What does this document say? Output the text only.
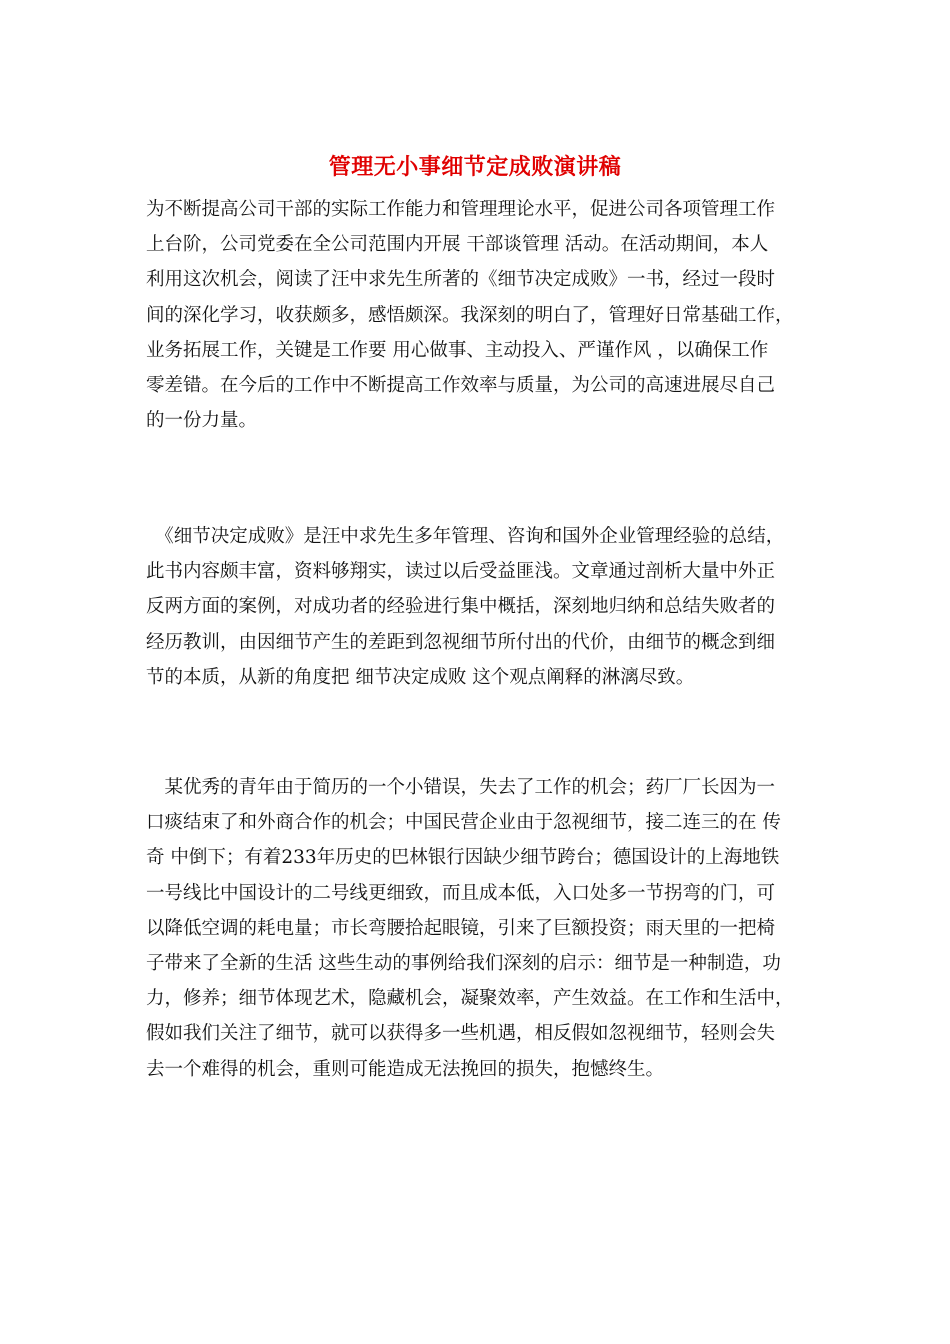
管理无小事细节定成败演讲稿

为不断提高公司干部的实际工作能力和管理理论水平，促进公司各项管理工作
上台阶，公司党委在全公司范围内开展 干部谈管理 活动。在活动期间，本人
利用这次机会，阅读了汪中求先生所著的《细节决定成败》一书，经过一段时
间的深化学习，收获颇多，感悟颇深。我深刻的明白了，管理好日常基础工作，
业务拓展工作，关键是工作要 用心做事、主动投入、严谨作风 ，以确保工作
零差错。在今后的工作中不断提高工作效率与质量，为公司的高速进展尽自己
的一份力量。

　《细节决定成败》是汪中求先生多年管理、咨询和国外企业管理经验的总结，
此书内容颇丰富，资料够翔实，读过以后受益匪浅。文章通过剖析大量中外正
反两方面的案例，对成功者的经验进行集中概括，深刻地归纳和总结失败者的
经历教训，由因细节产生的差距到忽视细节所付出的代价，由细节的概念到细
节的本质，从新的角度把 细节决定成败 这个观点阐释的淋漓尽致。

　某优秀的青年由于简历的一个小错误，失去了工作的机会；药厂厂长因为一
口痰结束了和外商合作的机会；中国民营企业由于忽视细节，接二连三的在 传
奇 中倒下；有着233年历史的巴林银行因缺少细节跨台；德国设计的上海地铁
一号线比中国设计的二号线更细致，而且成本低，入口处多一节拐弯的门，可
以降低空调的耗电量；市长弯腰拾起眼镜，引来了巨额投资；雨天里的一把椅
子带来了全新的生活 这些生动的事例给我们深刻的启示：细节是一种制造，功
力，修养；细节体现艺术，隐藏机会，凝聚效率，产生效益。在工作和生活中，
假如我们关注了细节，就可以获得多一些机遇，相反假如忽视细节，轻则会失
去一个难得的机会，重则可能造成无法挽回的损失，抱憾终生。
